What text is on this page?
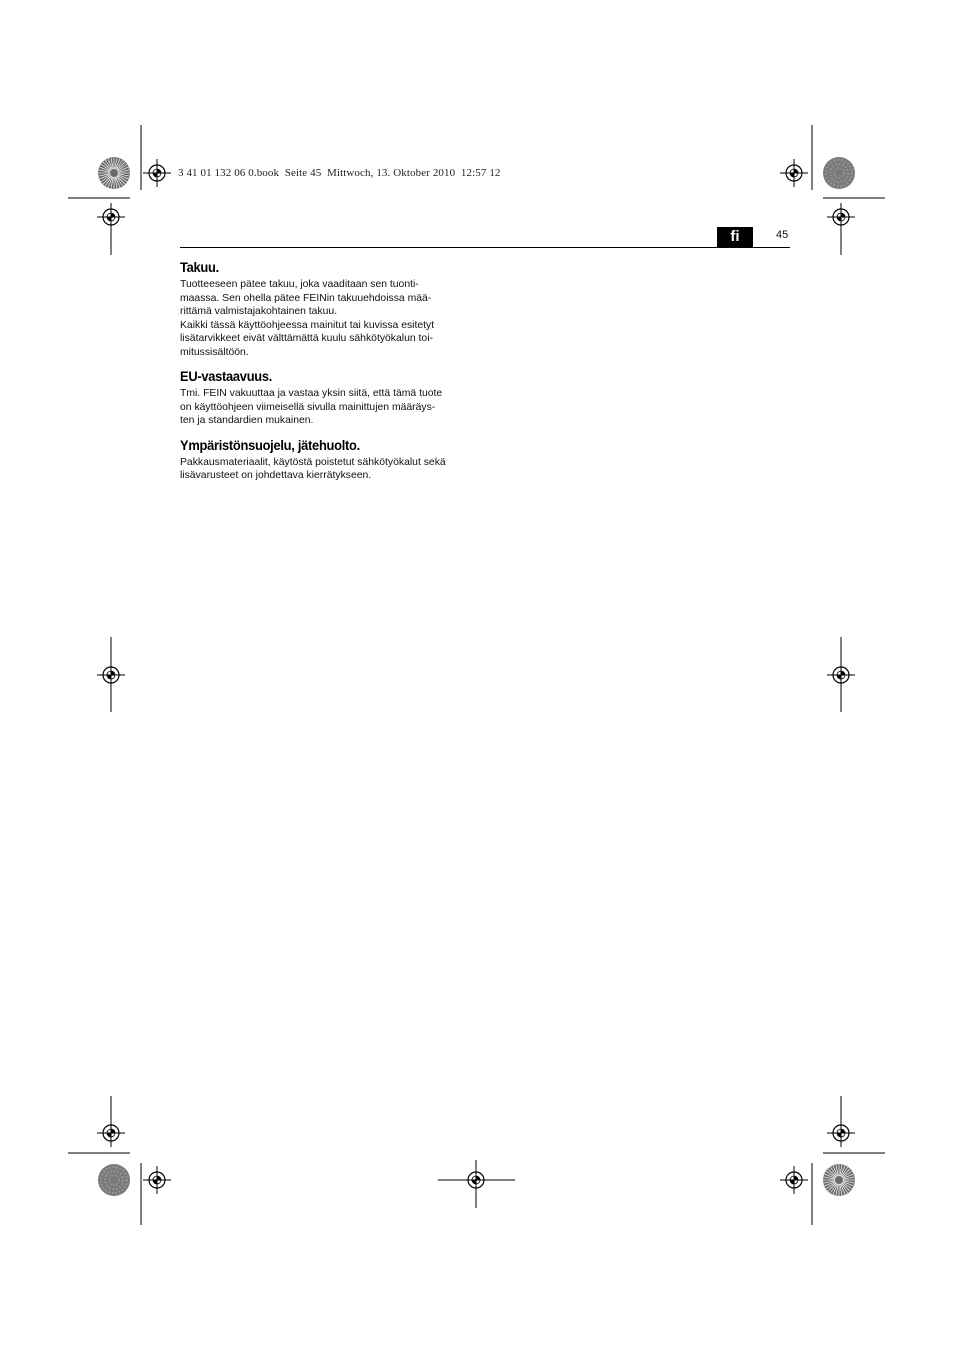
3 41 01 132 06 0.book  Seite 45  Mittwoch, 13. Oktober 2010  12:57 12
fi	45
Takuu.
Tuotteeseen pätee takuu, joka vaaditaan sen tuonti-
maassa. Sen ohella pätee FEINin takuuehdoissa mää-
rittämä valmistajakohtainen takuu.
Kaikki tässä käyttöohjeessa mainitut tai kuvissa esitetyt
lisätarvikkeet eivät välttämättä kuulu sähkötyökalun toi-
mitussisältöön.
EU-vastaavuus.
Tmi. FEIN vakuuttaa ja vastaa yksin siitä, että tämä tuote
on käyttöohjeen viimeisellä sivulla mainittujen määräys-
ten ja standardien mukainen.
Ympäristönsuojelu, jätehuolto.
Pakkausmateriaalit, käytöstä poistetut sähkötyökalut sekä
lisävarusteet on johdettava kierrätykseen.
